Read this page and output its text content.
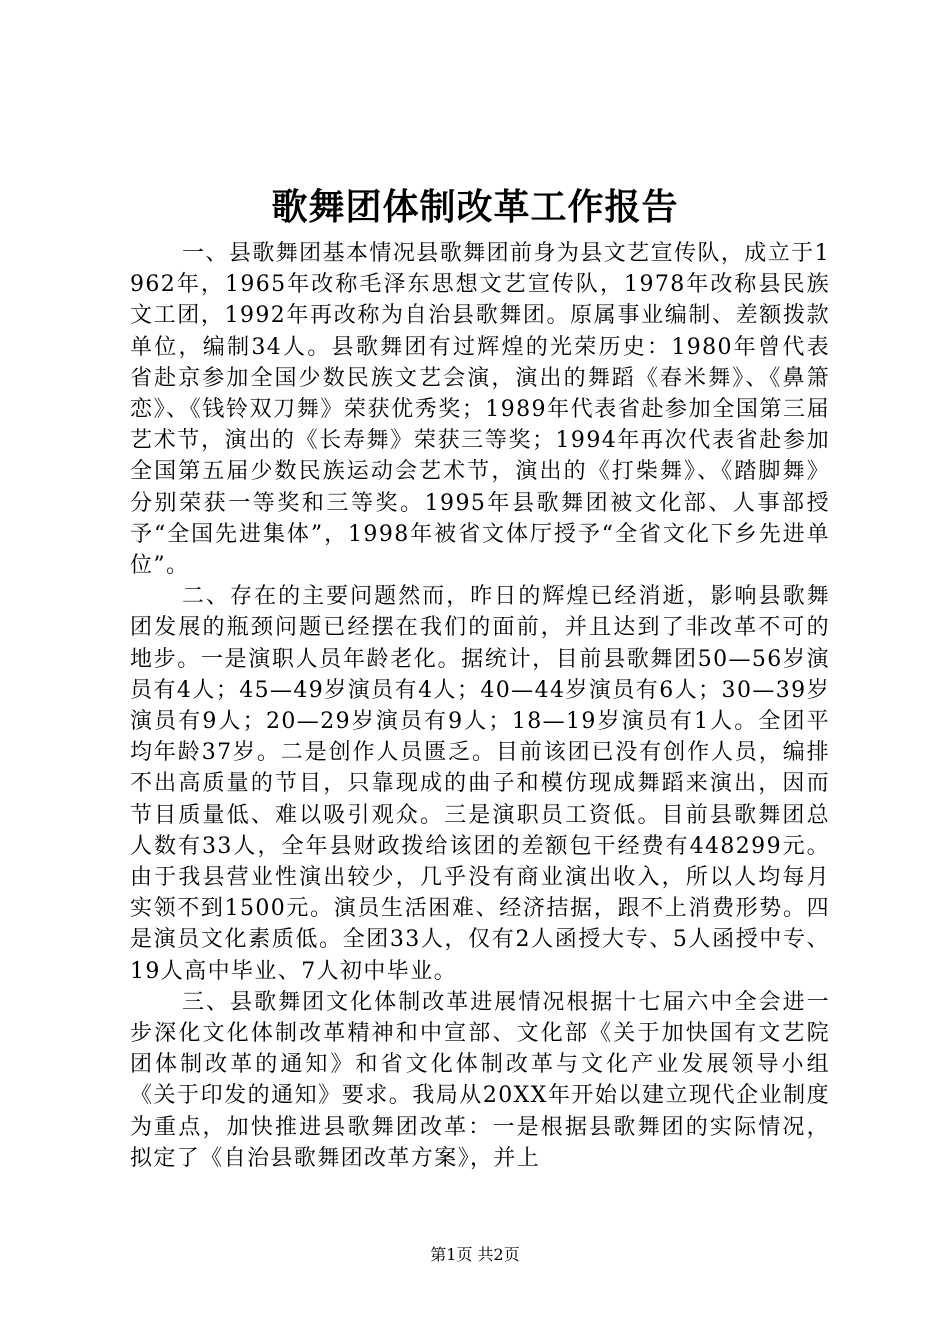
歌舞团体制改革工作报告

一、县歌舞团基本情况县歌舞团前身为县文艺宣传队，成立于1962年，1965年改称毛泽东思想文艺宣传队，1978年改称县民族文工团，1992年再改称为自治县歌舞团。原属事业编制、差额拨款单位，编制34人。县歌舞团有过辉煌的光荣历史：1980年曾代表省赴京参加全国少数民族文艺会演，演出的舞蹈《春米舞》、《鼻箫恋》、《钱铃双刀舞》荣获优秀奖；1989年代表省赴参加全国第三届艺术节，演出的《长寿舞》荣获三等奖；1994年再次代表省赴参加全国第五届少数民族运动会艺术节，演出的《打柴舞》、《踏脚舞》分别荣获一等奖和三等奖。1995年县歌舞团被文化部、人事部授予“全国先进集体”，1998年被省文体厅授予“全省文化下乡先进单位”。

二、存在的主要问题然而，昨日的辉煌已经消逝，影响县歌舞团发展的瓶颈问题已经摆在我们的面前，并且达到了非改革不可的地步。一是演职人员年龄老化。据统计，目前县歌舞团50—56岁演员有4人；45—49岁演员有4人；40—44岁演员有6人；30—39岁演员有9人；20—29岁演员有9人；18—19岁演员有1人。全团平均年龄37岁。二是创作人员匮乏。目前该团已没有创作人员，编排不出高质量的节目，只靠现成的曲子和模仿现成舞蹈来演出，因而节目质量低、难以吸引观众。三是演职员工资低。目前县歌舞团总人数有33人，全年县财政拨给该团的差额包干经费有448299元。由于我县营业性演出较少，几乎没有商业演出收入，所以人均每月实领不到1500元。演员生活困难、经济拮据，跟不上消费形势。四是演员文化素质低。全团33人，仅有2人函授大专、5人函授中专、19人高中毕业、7人初中毕业。

三、县歌舞团文化体制改革进展情况根据十七届六中全会进一步深化文化体制改革精神和中宣部、文化部《关于加快国有文艺院团体制改革的通知》和省文化体制改革与文化产业发展领导小组《关于印发的通知》要求。我局从20XX年开始以建立现代企业制度为重点，加快推进县歌舞团改革：一是根据县歌舞团的实际情况，拟定了《自治县歌舞团改革方案》，并上

第1页 共2页
